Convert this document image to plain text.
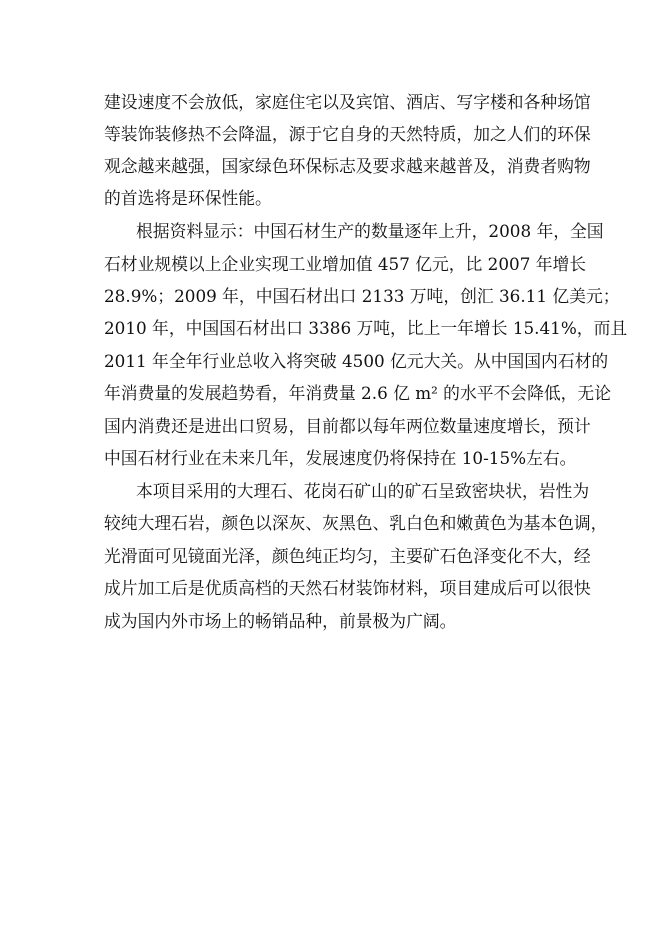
建设速度不会放低，家庭住宅以及宾馆、酒店、写字楼和各种场馆
等装饰装修热不会降温，源于它自身的天然特质，加之人们的环保
观念越来越强，国家绿色环保标志及要求越来越普及，消费者购物
的首选将是环保性能。
根据资料显示：中国石材生产的数量逐年上升，2008 年，全国
石材业规模以上企业实现工业增加值 457 亿元，比 2007 年增长
28.9%；2009 年，中国石材出口 2133 万吨，创汇 36.11 亿美元；
2010 年，中国国石材出口 3386 万吨，比上一年增长 15.41%，而且
2011 年全年行业总收入将突破 4500 亿元大关。从中国国内石材的
年消费量的发展趋势看，年消费量 2.6 亿 m² 的水平不会降低，无论
国内消费还是进出口贸易，目前都以每年两位数量速度增长，预计
中国石材行业在未来几年，发展速度仍将保持在 10-15%左右。
本项目采用的大理石、花岗石矿山的矿石呈致密块状，岩性为
较纯大理石岩，颜色以深灰、灰黑色、乳白色和嫩黄色为基本色调，
光滑面可见镜面光泽，颜色纯正均匀，主要矿石色泽变化不大，经
成片加工后是优质高档的天然石材装饰材料，项目建成后可以很快
成为国内外市场上的畅销品种，前景极为广阔。
